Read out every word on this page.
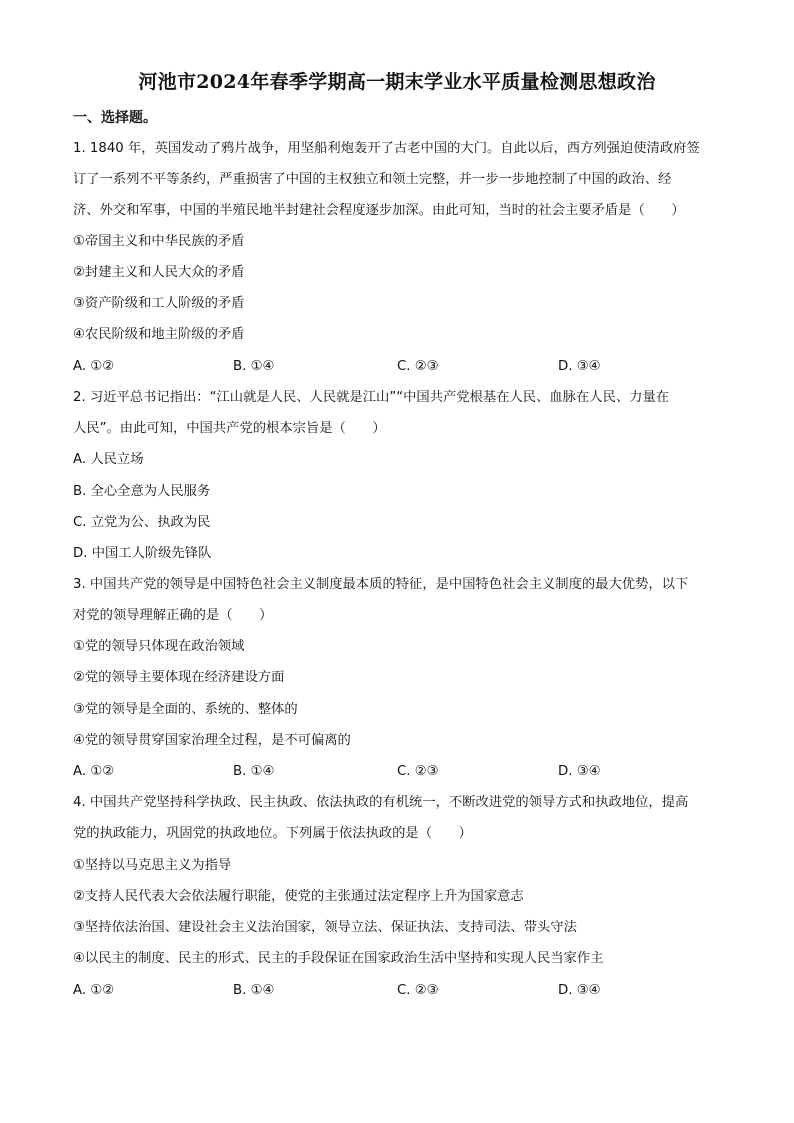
河池市2024年春季学期高一期末学业水平质量检测思想政治
一、选择题。
1. 1840 年，英国发动了鸦片战争，用坚船利炮轰开了古老中国的大门。自此以后，西方列强迫使清政府签
订了一系列不平等条约，严重损害了中国的主权独立和领土完整，并一步一步地控制了中国的政治、经
济、外交和军事，中国的半殖民地半封建社会程度逐步加深。由此可知，当时的社会主要矛盾是（　　）
①帝国主义和中华民族的矛盾
②封建主义和人民大众的矛盾
③资产阶级和工人阶级的矛盾
④农民阶级和地主阶级的矛盾
A. ①②	B. ①④	C. ②③	D. ③④
2. 习近平总书记指出：“江山就是人民、人民就是江山”“中国共产党根基在人民、血脉在人民、力量在
人民”。由此可知，中国共产党的根本宗旨是（　　）
A. 人民立场
B. 全心全意为人民服务
C. 立党为公、执政为民
D. 中国工人阶级先锋队
3. 中国共产党的领导是中国特色社会主义制度最本质的特征，是中国特色社会主义制度的最大优势，以下
对党的领导理解正确的是（　　）
①党的领导只体现在政治领域
②党的领导主要体现在经济建设方面
③党的领导是全面的、系统的、整体的
④党的领导贯穿国家治理全过程，是不可偏离的
A. ①②	B. ①④	C. ②③	D. ③④
4. 中国共产党坚持科学执政、民主执政、依法执政的有机统一，不断改进党的领导方式和执政地位，提高
党的执政能力，巩固党的执政地位。下列属于依法执政的是（　　）
①坚持以马克思主义为指导
②支持人民代表大会依法履行职能，使党的主张通过法定程序上升为国家意志
③坚持依法治国、建设社会主义法治国家，领导立法、保证执法、支持司法、带头守法
④以民主的制度、民主的形式、民主的手段保证在国家政治生活中坚持和实现人民当家作主
A. ①②	B. ①④	C. ②③	D. ③④
